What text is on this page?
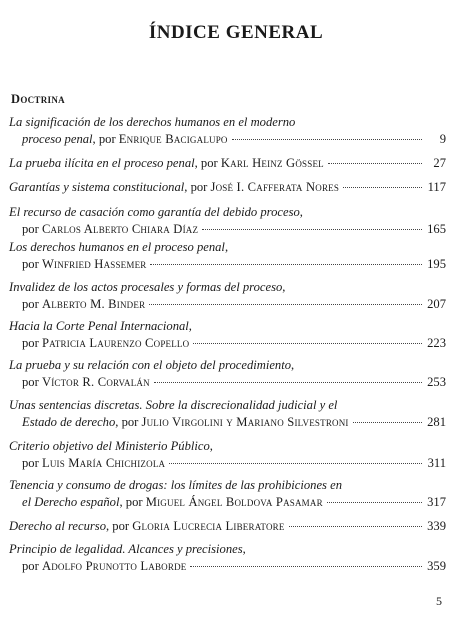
ÍNDICE GENERAL
Doctrina
La significación de los derechos humanos en el moderno
proceso penal , por Enrique Bacigalupo	9
La prueba ilícita en el proceso penal , por Karl Heinz Gössel	27
Garantías y sistema constitucional , por José I. Cafferata Nores	117
El recurso de casación como garantía del debido proceso ,
por Carlos Alberto Chiara Díaz	165
Los derechos humanos en el proceso penal ,
por Winfried Hassemer	195
Invalidez de los actos procesales y formas del proceso ,
por Alberto M. Binder	207
Hacia la Corte Penal Internacional ,
por Patricia Laurenzo Copello	223
La prueba y su relación con el objeto del procedimiento ,
por Víctor R. Corvalán	253
Unas sentencias discretas. Sobre la discrecionalidad judicial y el
Estado de derecho , por Julio Virgolini y Mariano Silvestroni	281
Criterio objetivo del Ministerio Público ,
por Luis María Chichizola	311
Tenencia y consumo de drogas: los límites de las prohibiciones en
el Derecho español , por Miguel Ángel Boldova Pasamar	317
Derecho al recurso , por Gloria Lucrecia Liberatore	339
Principio de legalidad. Alcances y precisiones ,
por Adolfo Prunotto Laborde	359
5
